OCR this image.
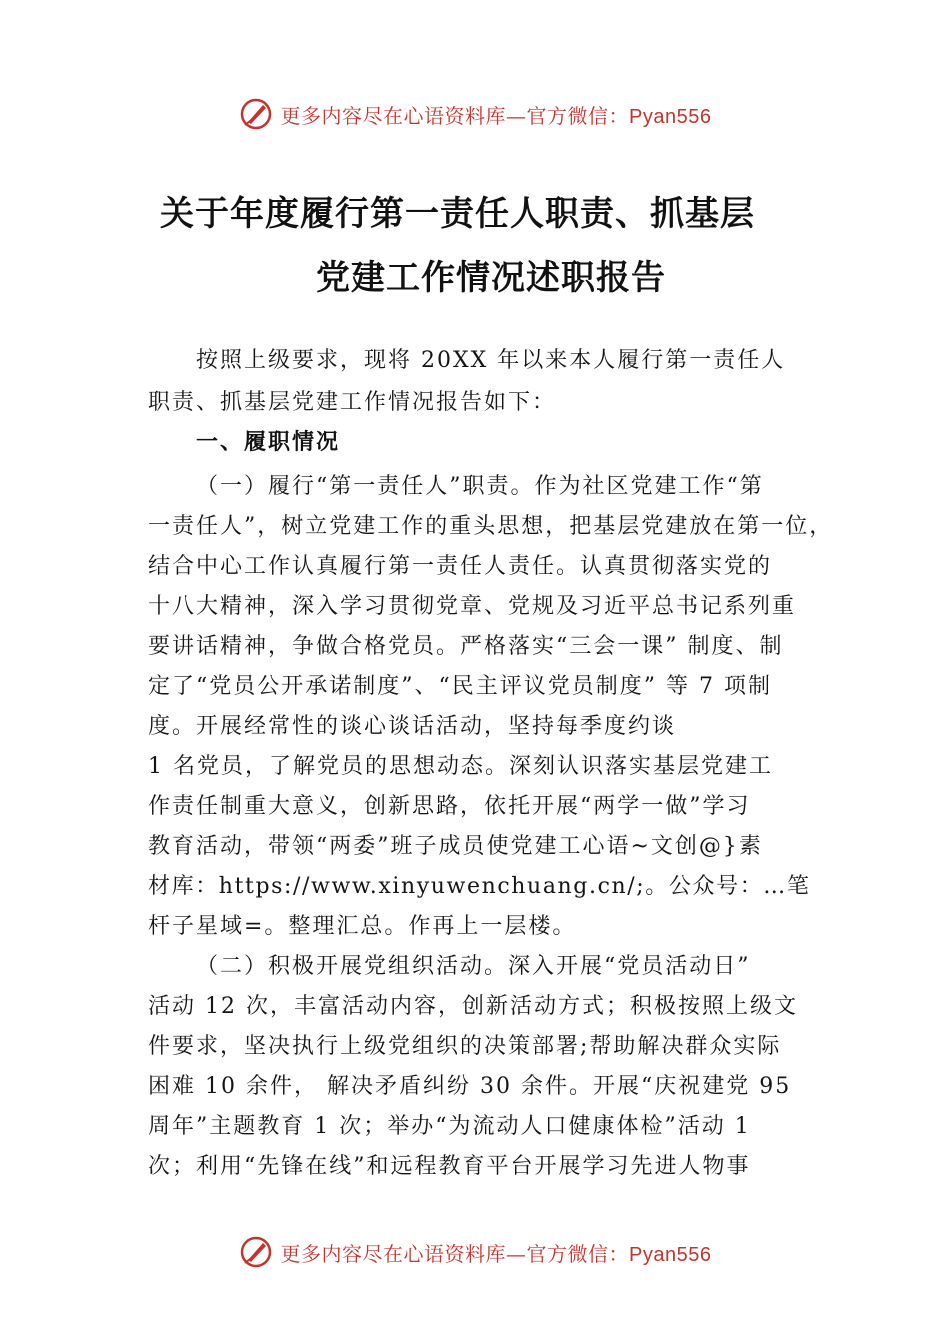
更多内容尽在心语资料库—官方微信：Pyan556
关于年度履行第一责任人职责、抓基层
党建工作情况述职报告

按照上级要求，现将 20XX 年以来本人履行第一责任人

职责、抓基层党建工作情况报告如下：

一、履职情况

（一）履行“第一责任人”职责。作为社区党建工作“第

一责任人”，树立党建工作的重头思想，把基层党建放在第一位，

结合中心工作认真履行第一责任人责任。认真贯彻落实党的

十八大精神，深入学习贯彻党章、党规及习近平总书记系列重

要讲话精神，争做合格党员。严格落实“三会一课” 制度、制

定了“党员公开承诺制度”、“民主评议党员制度” 等 7 项制

度。开展经常性的谈心谈话活动，坚持每季度约谈

1 名党员，了解党员的思想动态。深刻认识落实基层党建工

作责任制重大意义，创新思路，依托开展“两学一做”学习

教育活动，带领“两委”班子成员使党建工心语~文创@}素

材库：https://www.xinyuwenchuang.cn/;。公众号：…笔

杆子星域=。整理汇总。作再上一层楼。

（二）积极开展党组织活动。深入开展“党员活动日”

活动 12 次，丰富活动内容，创新活动方式；积极按照上级文

件要求，坚决执行上级党组织的决策部署;帮助解决群众实际

困难 10 余件， 解决矛盾纠纷 30 余件。开展“庆祝建党 95

周年”主题教育 1 次；举办“为流动人口健康体检”活动 1

次；利用“先锋在线”和远程教育平台开展学习先进人物事

更多内容尽在心语资料库—官方微信：Pyan556
